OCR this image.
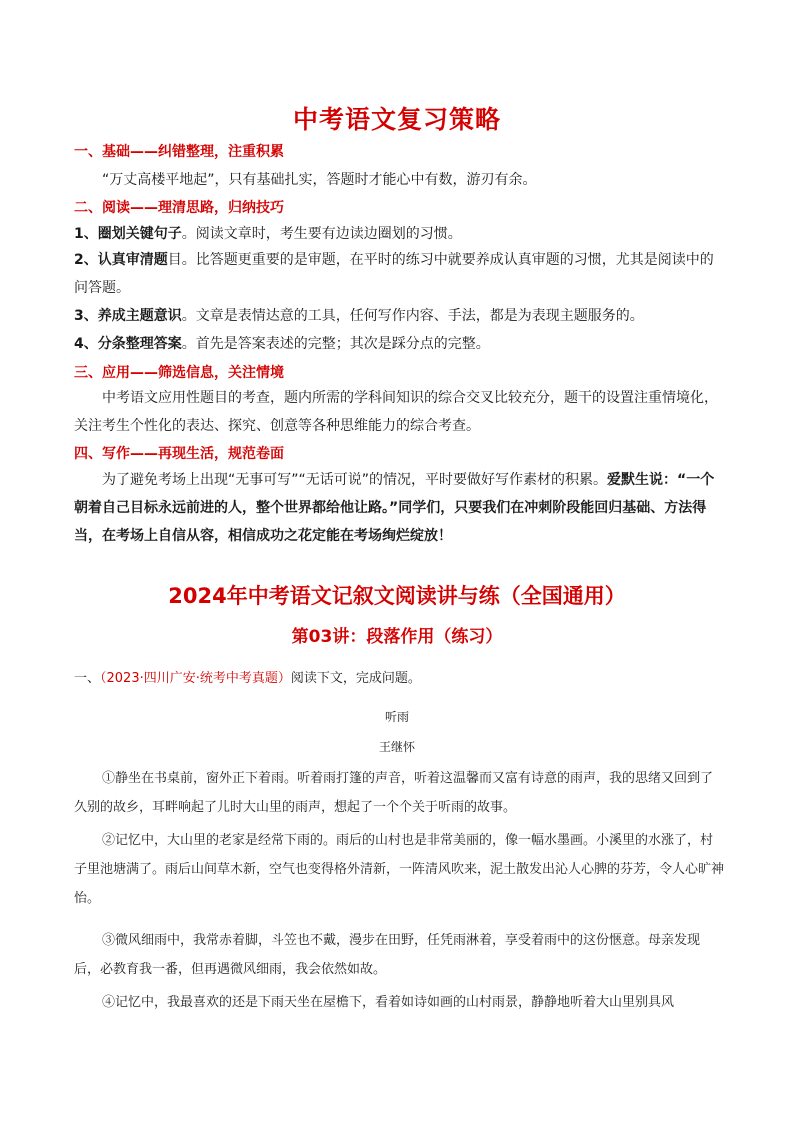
中考语文复习策略
一、基础——纠错整理，注重积累
“万丈高楼平地起”，只有基础扎实，答题时才能心中有数，游刃有余。
二、阅读——理清思路，归纳技巧
1、圈划关键句子。阅读文章时，考生要有边读边圈划的习惯。
2、认真审清题目。比答题更重要的是审题，在平时的练习中就要养成认真审题的习惯，尤其是阅读中的问答题。
3、养成主题意识。文章是表情达意的工具，任何写作内容、手法，都是为表现主题服务的。
4、分条整理答案。首先是答案表述的完整；其次是踩分点的完整。
三、应用——筛选信息，关注情境
中考语文应用性题目的考查，题内所需的学科间知识的综合交叉比较充分，题干的设置注重情境化，关注考生个性化的表达、探究、创意等各种思维能力的综合考查。
四、写作——再现生活，规范卷面
为了避免考场上出现“无事可写”“无话可说”的情况，平时要做好写作素材的积累。爱默生说：“一个朝着自己目标永远前进的人，整个世界都给他让路。”同学们，只要我们在冲刺阶段能回归基础、方法得当，在考场上自信从容，相信成功之花定能在考场绚烂绽放！
2024年中考语文记叙文阅读讲与练（全国通用）
第03讲：段落作用（练习）
一、（2023·四川广安·统考中考真题）阅读下文，完成问题。
听雨
王继怀
①静坐在书桌前，窗外正下着雨。听着雨打篷的声音，听着这温馨而又富有诗意的雨声，我的思绪又回到了久别的故乡，耳畔响起了儿时大山里的雨声，想起了一个个关于听雨的故事。
②记忆中，大山里的老家是经常下雨的。雨后的山村也是非常美丽的，像一幅水墨画。小溪里的水涨了，村子里池塘满了。雨后山间草木新，空气也变得格外清新，一阵清风吹来，泥土散发出沁人心脾的芬芳，令人心旷神怡。
③微风细雨中，我常赤着脚，斗笠也不戴，漫步在田野，任凭雨淋着，享受着雨中的这份惬意。母亲发现后，必教育我一番，但再遇微风细雨，我会依然如故。
④记忆中，我最喜欢的还是下雨天坐在屋檐下，看着如诗如画的山村雨景，静静地听着大山里别具风
